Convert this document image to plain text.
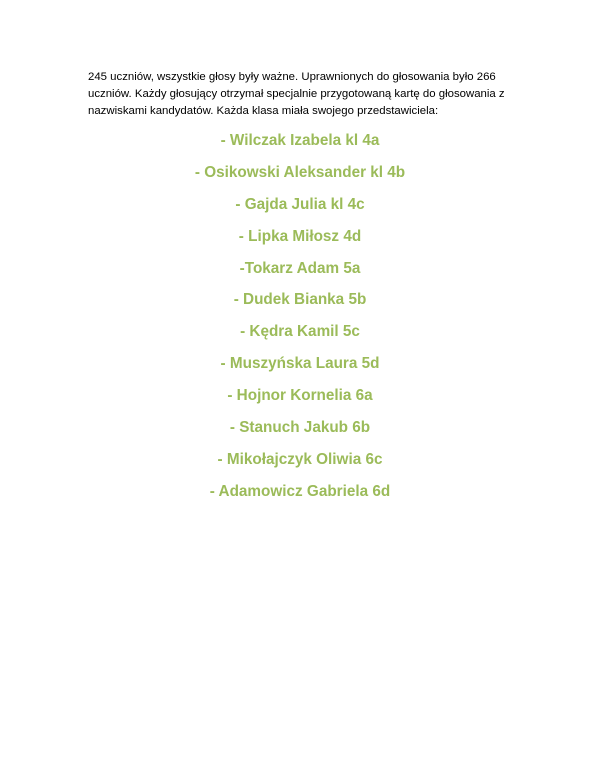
245 uczniów, wszystkie głosy były ważne. Uprawnionych do głosowania było 266
uczniów. Każdy głosujący otrzymał specjalnie przygotowaną kartę do głosowania z
nazwiskami kandydatów. Każda klasa miała swojego przedstawiciela:

- Wilczak Izabela kl 4a
- Osikowski Aleksander kl 4b
- Gajda Julia kl 4c
- Lipka Miłosz 4d
-Tokarz Adam 5a
- Dudek Bianka 5b
- Kędra Kamil 5c
- Muszyńska Laura 5d
- Hojnor Kornelia 6a
- Stanuch Jakub 6b
- Mikołajczyk Oliwia 6c
- Adamowicz Gabriela 6d
